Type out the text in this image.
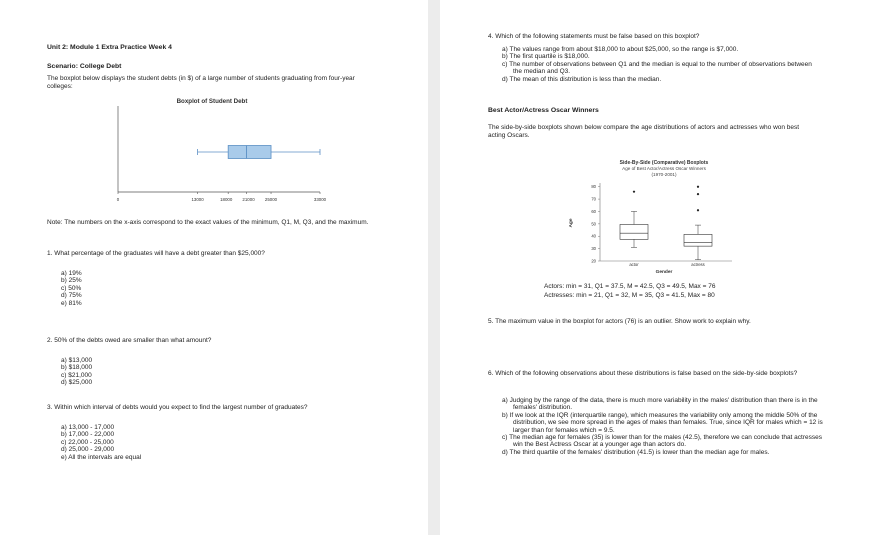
Unit 2: Module 1 Extra Practice Week 4
Scenario: College Debt
The boxplot below displays the student debts (in $) of a large number of students graduating from four-year colleges:
Boxplot of Student Debt
0	13000	18000 21000 25000	33000
Note: The numbers on the x-axis correspond to the exact values of the minimum, Q1, M, Q3, and the maximum.
1. What percentage of the graduates will have a debt greater than $25,000?
a) 19%
b) 25%
c) 50%
d) 75%
e) 81%
2. 50% of the debts owed are smaller than what amount?
a) $13,000
b) $18,000
c) $21,000
d) $25,000
3. Within which interval of debts would you expect to find the largest number of graduates?
a) 13,000 - 17,000
b) 17,000 - 22,000
c) 22,000 - 25,000
d) 25,000 - 29,000
e) All the intervals are equal
4. Which of the following statements must be false based on this boxplot?
a) The values range from about $18,000 to about $25,000, so the range is $7,000.
b) The first quartile is $18,000.
c) The number of observations between Q1 and the median is equal to the number of observations between the median and Q3.
d) The mean of this distribution is less than the median.
Best Actor/Actress Oscar Winners
The side-by-side boxplots shown below compare the age distributions of actors and actresses who won best acting Oscars.
Side-By-Side (Comparative) Boxplots
Age of Best Actor/Actress Oscar Winners
(1970-2001)
Age
Gender
20
30
40
50
60
70
80
actor	actress
Actors: min = 31, Q1 = 37.5, M = 42.5, Q3 = 49.5, Max = 76
Actresses: min = 21, Q1 = 32, M = 35, Q3 = 41.5, Max = 80
5. The maximum value in the boxplot for actors (76) is an outlier. Show work to explain why.
6. Which of the following observations about these distributions is false based on the side-by-side boxplots?
a) Judging by the range of the data, there is much more variability in the males' distribution than there is in the females' distribution.
b) If we look at the IQR (interquartile range), which measures the variability only among the middle 50% of the distribution, we see more spread in the ages of males than females. True, since IQR for males which = 12 is larger than for females which = 9.5.
c) The median age for females (35) is lower than for the males (42.5), therefore we can conclude that actresses win the Best Actress Oscar at a younger age than actors do.
d) The third quartile of the females' distribution (41.5) is lower than the median age for males.
